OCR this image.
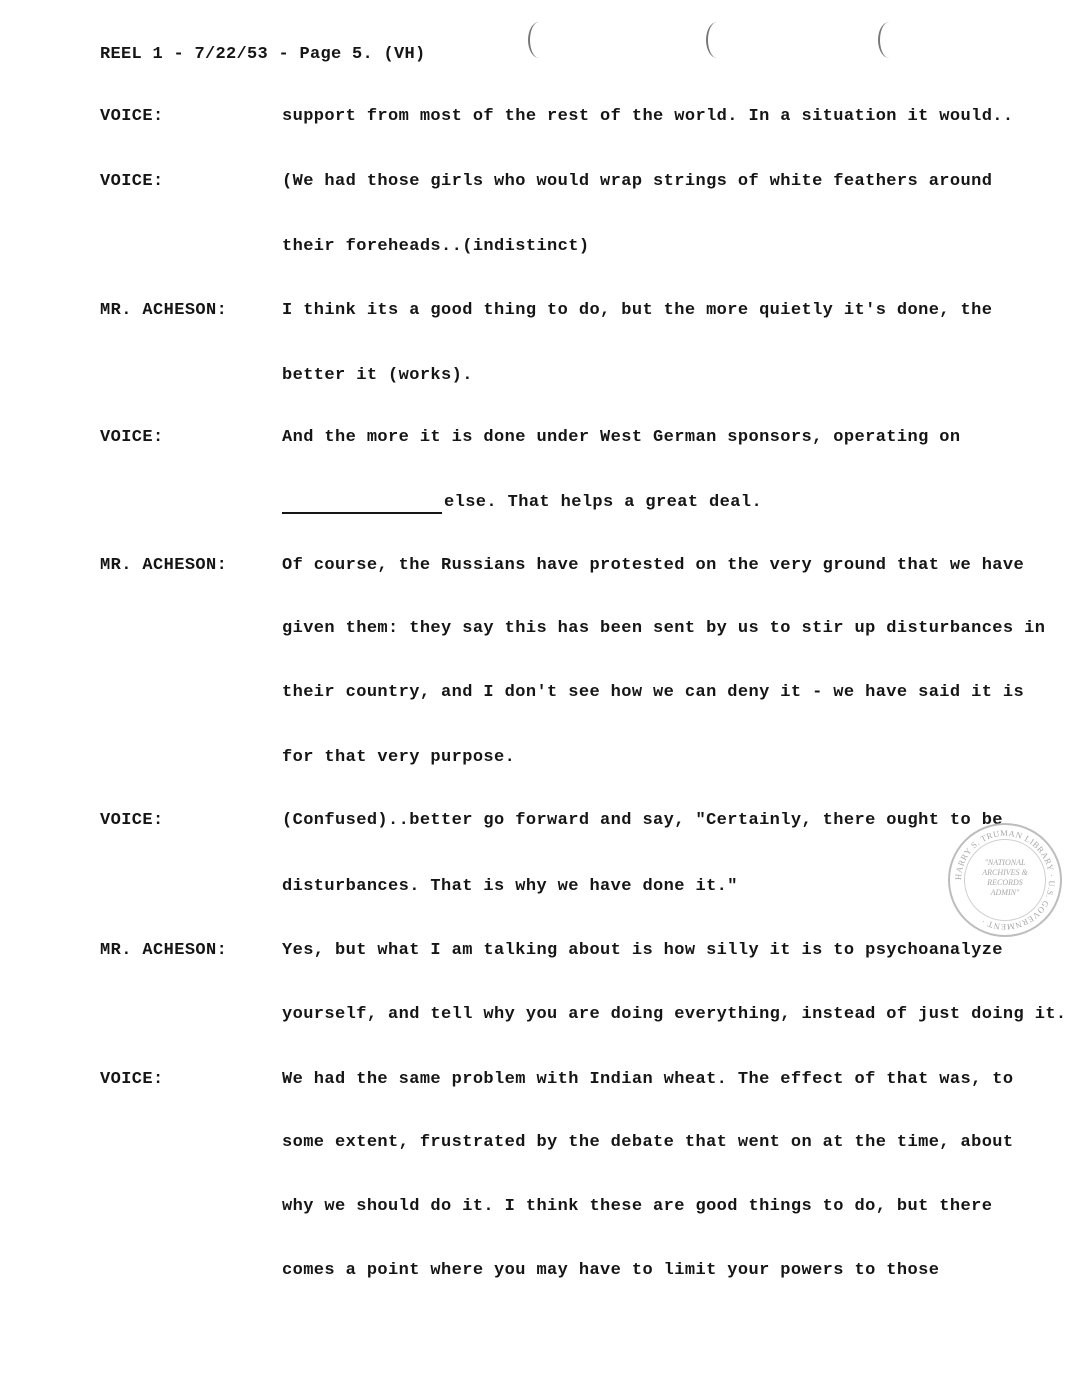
REEL 1 - 7/22/53 - Page 5. (VH)
VOICE:	support from most of the rest of the world. In a situation it would..
VOICE:	(We had those girls who would wrap strings of white feathers around
their foreheads..(indistinct)
MR. ACHESON:	I think its a good thing to do, but the more quietly it's done, the
better it (works).
VOICE:	And the more it is done under West German sponsors, operating on
else. That helps a great deal.
MR. ACHESON:	Of course, the Russians have protested on the very ground that we have
given them: they say this has been sent by us to stir up disturbances in
their country, and I don't see how we can deny it - we have said it is
for that very purpose.
VOICE:	(Confused)..better go forward and say, "Certainly, there ought to be
disturbances. That is why we have done it."
MR. ACHESON:	Yes, but what I am talking about is how silly it is to psychoanalyze
yourself, and tell why you are doing everything, instead of just doing it.
VOICE:	We had the same problem with Indian wheat. The effect of that was, to
some extent, frustrated by the debate that went on at the time, about
why we should do it. I think these are good things to do, but there
comes a point where you may have to limit your powers to those
HARRY S. TRUMAN LIBRARY · U.S. GOVERNMENT ·
"NATIONAL
ARCHIVES &
RECORDS
ADMIN"
